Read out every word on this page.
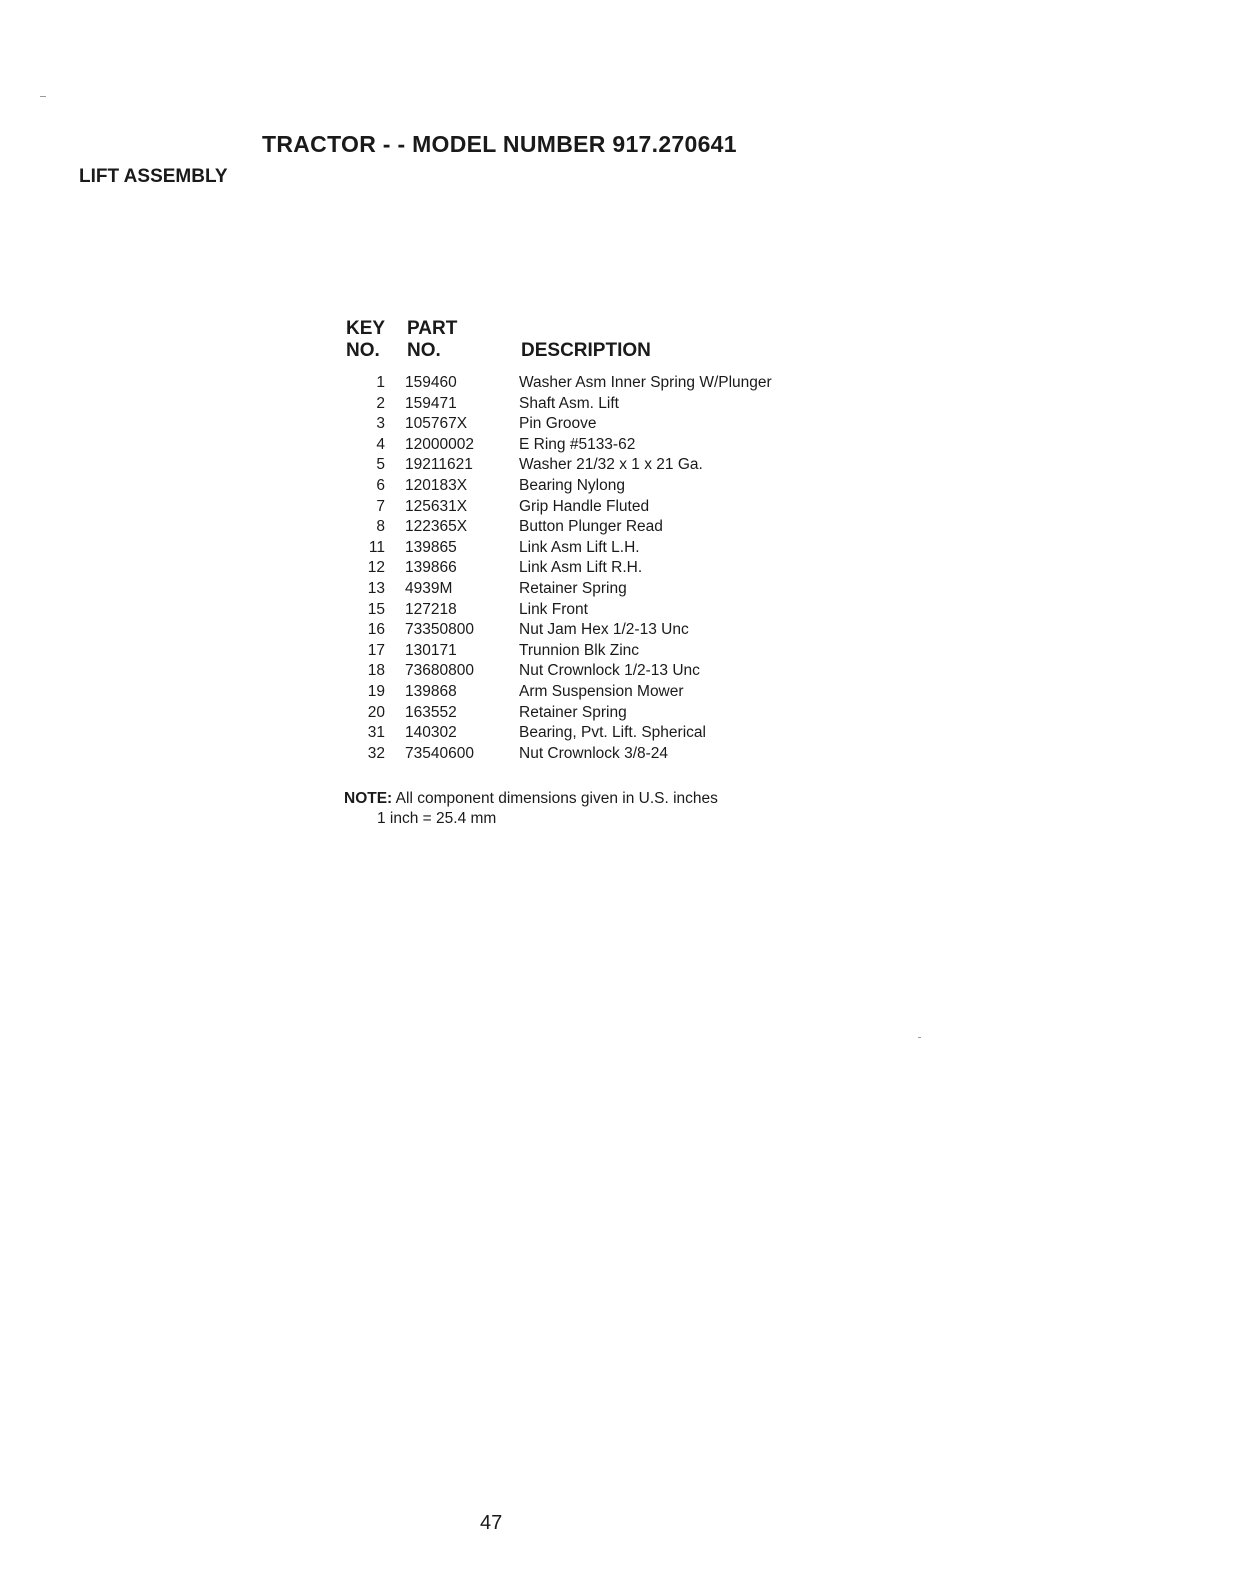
TRACTOR - - MODEL NUMBER 917.270641
LIFT ASSEMBLY
KEY
NO.
PART
NO.	DESCRIPTION
1 159460	Washer Asm Inner Spring W/Plunger
2 159471	Shaft Asm. Lift
3 105767X	Pin Groove
4 12000002	E Ring #5133-62
5 19211621	Washer 21/32 x 1 x 21 Ga.
6 120183X	Bearing Nylong
7 125631X	Grip Handle Fluted
8 122365X	Button Plunger Read
11 139865	Link Asm Lift L.H.
12 139866	Link Asm Lift R.H.
13 4939M	Retainer Spring
15 127218	Link Front
16 73350800	Nut Jam Hex 1/2-13 Unc
17 130171	Trunnion Blk Zinc
18 73680800	Nut Crownlock 1/2-13 Unc
19 139868	Arm Suspension Mower
20 163552	Retainer Spring
31 140302	Bearing, Pvt. Lift. Spherical
32 73540600	Nut Crownlock 3/8-24
NOTE: All component dimensions given in U.S. inches
1 inch = 25.4 mm
47
